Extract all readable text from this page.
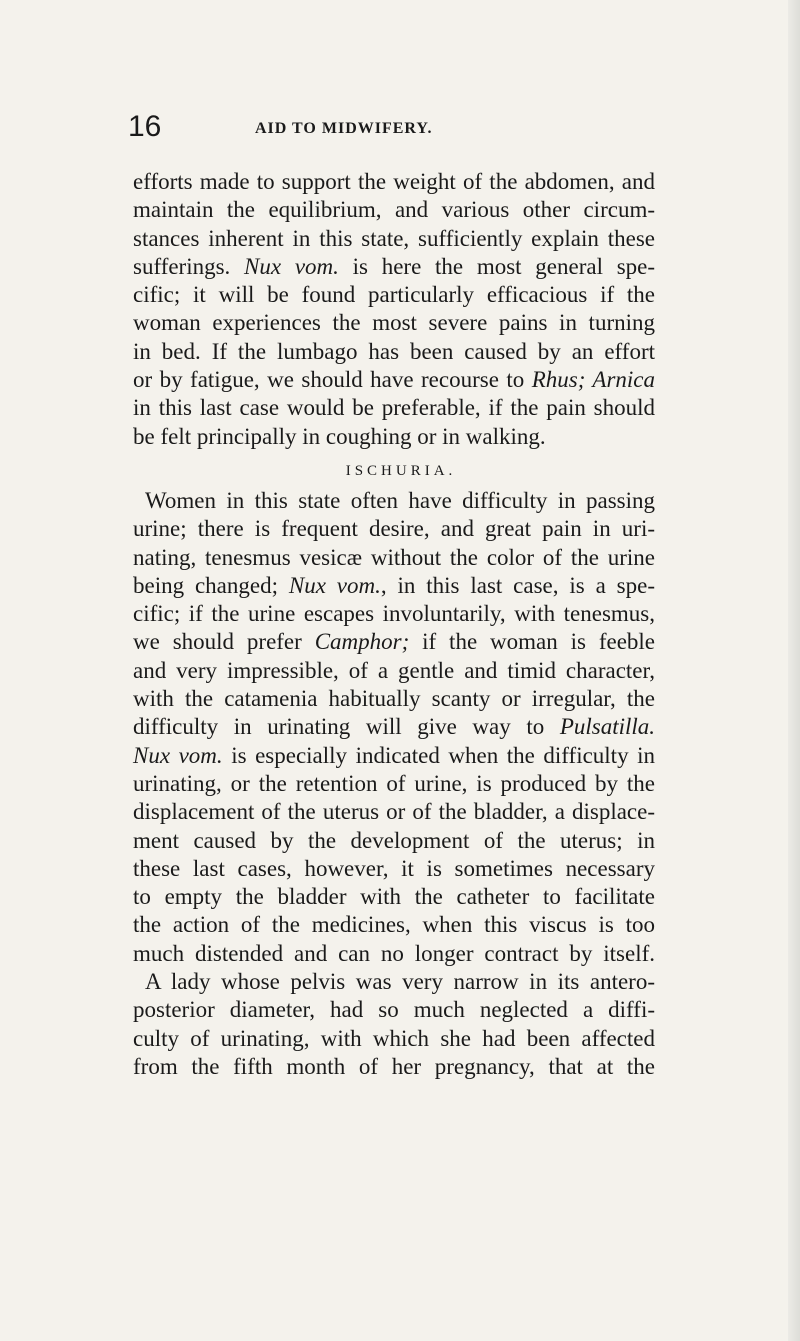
16	AID TO MIDWIFERY.
efforts made to support the weight of the abdomen, and
maintain the equilibrium, and various other circum-
stances inherent in this state, sufficiently explain these
sufferings. Nux vom. is here the most general spe-
cific; it will be found particularly efficacious if the
woman experiences the most severe pains in turning
in bed. If the lumbago has been caused by an effort
or by fatigue, we should have recourse to Rhus; Arnica
in this last case would be preferable, if the pain should
be felt principally in coughing or in walking.
ISCHURIA.
Women in this state often have difficulty in passing
urine; there is frequent desire, and great pain in uri-
nating, tenesmus vesicæ without the color of the urine
being changed; Nux vom., in this last case, is a spe-
cific; if the urine escapes involuntarily, with tenesmus,
we should prefer Camphor; if the woman is feeble
and very impressible, of a gentle and timid character,
with the catamenia habitually scanty or irregular, the
difficulty in urinating will give way to Pulsatilla.
Nux vom. is especially indicated when the difficulty in
urinating, or the retention of urine, is produced by the
displacement of the uterus or of the bladder, a displace-
ment caused by the development of the uterus; in
these last cases, however, it is sometimes necessary
to empty the bladder with the catheter to facilitate
the action of the medicines, when this viscus is too
much distended and can no longer contract by itself.
A lady whose pelvis was very narrow in its antero-
posterior diameter, had so much neglected a diffi-
culty of urinating, with which she had been affected
from the fifth month of her pregnancy, that at the
